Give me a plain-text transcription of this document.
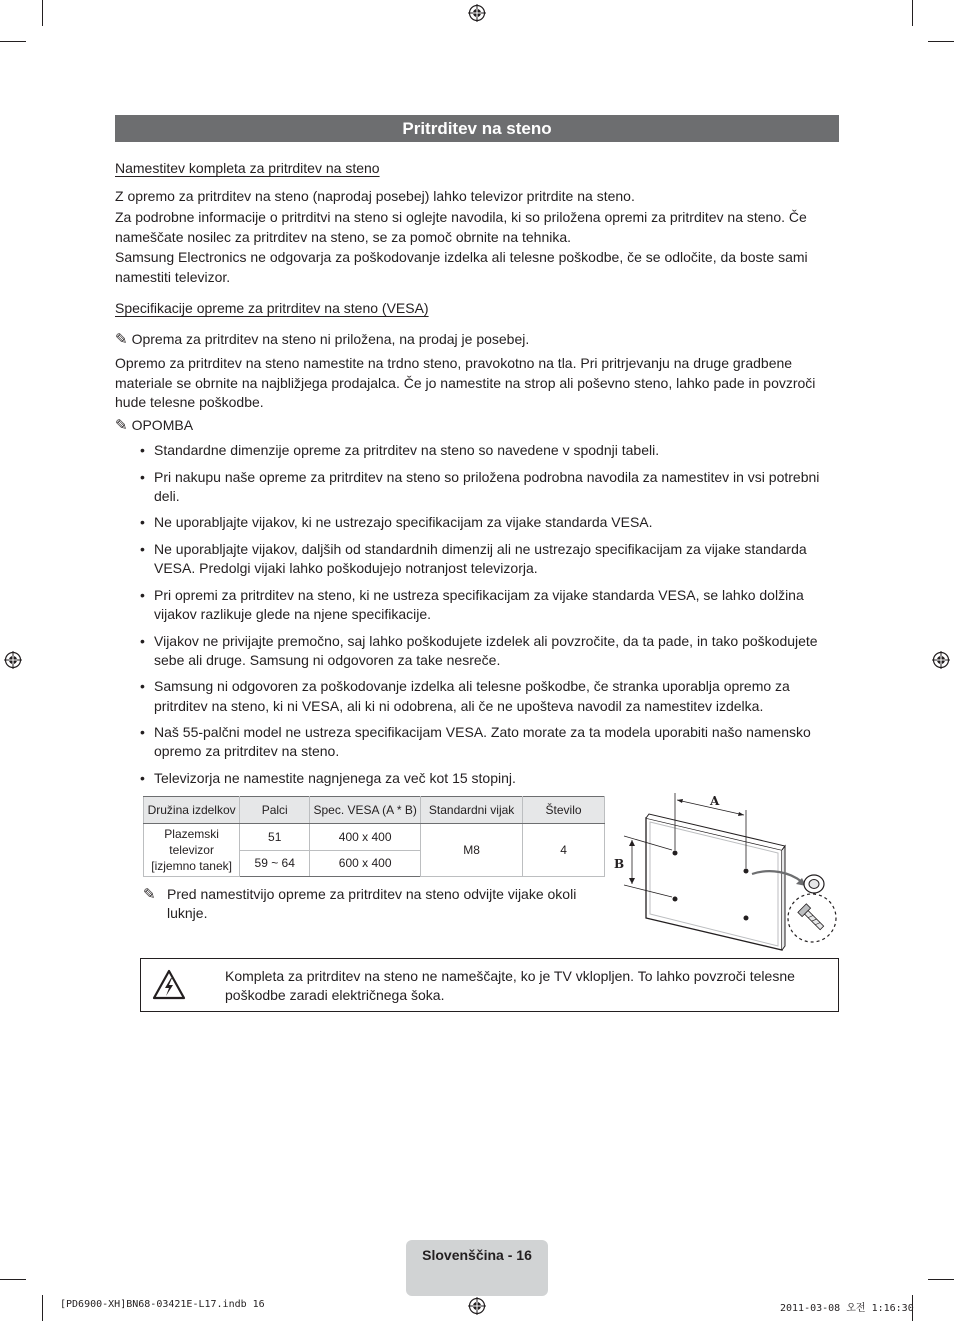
Pritrditev na steno
Namestitev kompleta za pritrditev na steno
Z opremo za pritrditev na steno (naprodaj posebej) lahko televizor pritrdite na steno.
Za podrobne informacije o pritrditvi na steno si oglejte navodila, ki so priložena opremi za pritrditev na steno. Če nameščate nosilec za pritrditev na steno, se za pomoč obrnite na tehnika.
Samsung Electronics ne odgovarja za poškodovanje izdelka ali telesne poškodbe, če se odločite, da boste sami namestiti televizor.
Specifikacije opreme za pritrditev na steno (VESA)
✎ Oprema za pritrditev na steno ni priložena, na prodaj je posebej.
Opremo za pritrditev na steno namestite na trdno steno, pravokotno na tla. Pri pritrjevanju na druge gradbene materiale se obrnite na najbližjega prodajalca. Če jo namestite na strop ali poševno steno, lahko pade in povzroči hude telesne poškodbe.
✎ OPOMBA
• Standardne dimenzije opreme za pritrditev na steno so navedene v spodnji tabeli.
• Pri nakupu naše opreme za pritrditev na steno so priložena podrobna navodila za namestitev in vsi potrebni deli.
• Ne uporabljajte vijakov, ki ne ustrezajo specifikacijam za vijake standarda VESA.
• Ne uporabljajte vijakov, daljših od standardnih dimenzij ali ne ustrezajo specifikacijam za vijake standarda VESA. Predolgi vijaki lahko poškodujejo notranjost televizorja.
• Pri opremi za pritrditev na steno, ki ne ustreza specifikacijam za vijake standarda VESA, se lahko dolžina vijakov razlikuje glede na njene specifikacije.
• Vijakov ne privijajte premočno, saj lahko poškodujete izdelek ali povzročite, da ta pade, in tako poškodujete sebe ali druge. Samsung ni odgovoren za take nesreče.
• Samsung ni odgovoren za poškodovanje izdelka ali telesne poškodbe, če stranka uporablja opremo za pritrditev na steno, ki ni VESA, ali ki ni odobrena, ali če ne upošteva navodil za namestitev izdelka.
• Naš 55-palčni model ne ustreza specifikacijam VESA. Zato morate za ta modela uporabiti našo namensko opremo za pritrditev na steno.
• Televizorja ne namestite nagnjenega za več kot 15 stopinj.
Družina izdelkov	Palci	Spec. VESA (A * B)	Standardni vijak	Število
Plazemski televizor [izjemno tanek]	51	400 x 400	M8	4
	59 ~ 64	600 x 400		
✎ Pred namestitvijo opreme za pritrditev na steno odvijte vijake okoli luknje.
A
B
Kompleta za pritrditev na steno ne nameščajte, ko je TV vklopljen. To lahko povzroči telesne poškodbe zaradi električnega šoka.
Slovenščina - 16
[PD6900-XH]BN68-03421E-L17.indb 16	2011-03-08 오전 1:16:30
